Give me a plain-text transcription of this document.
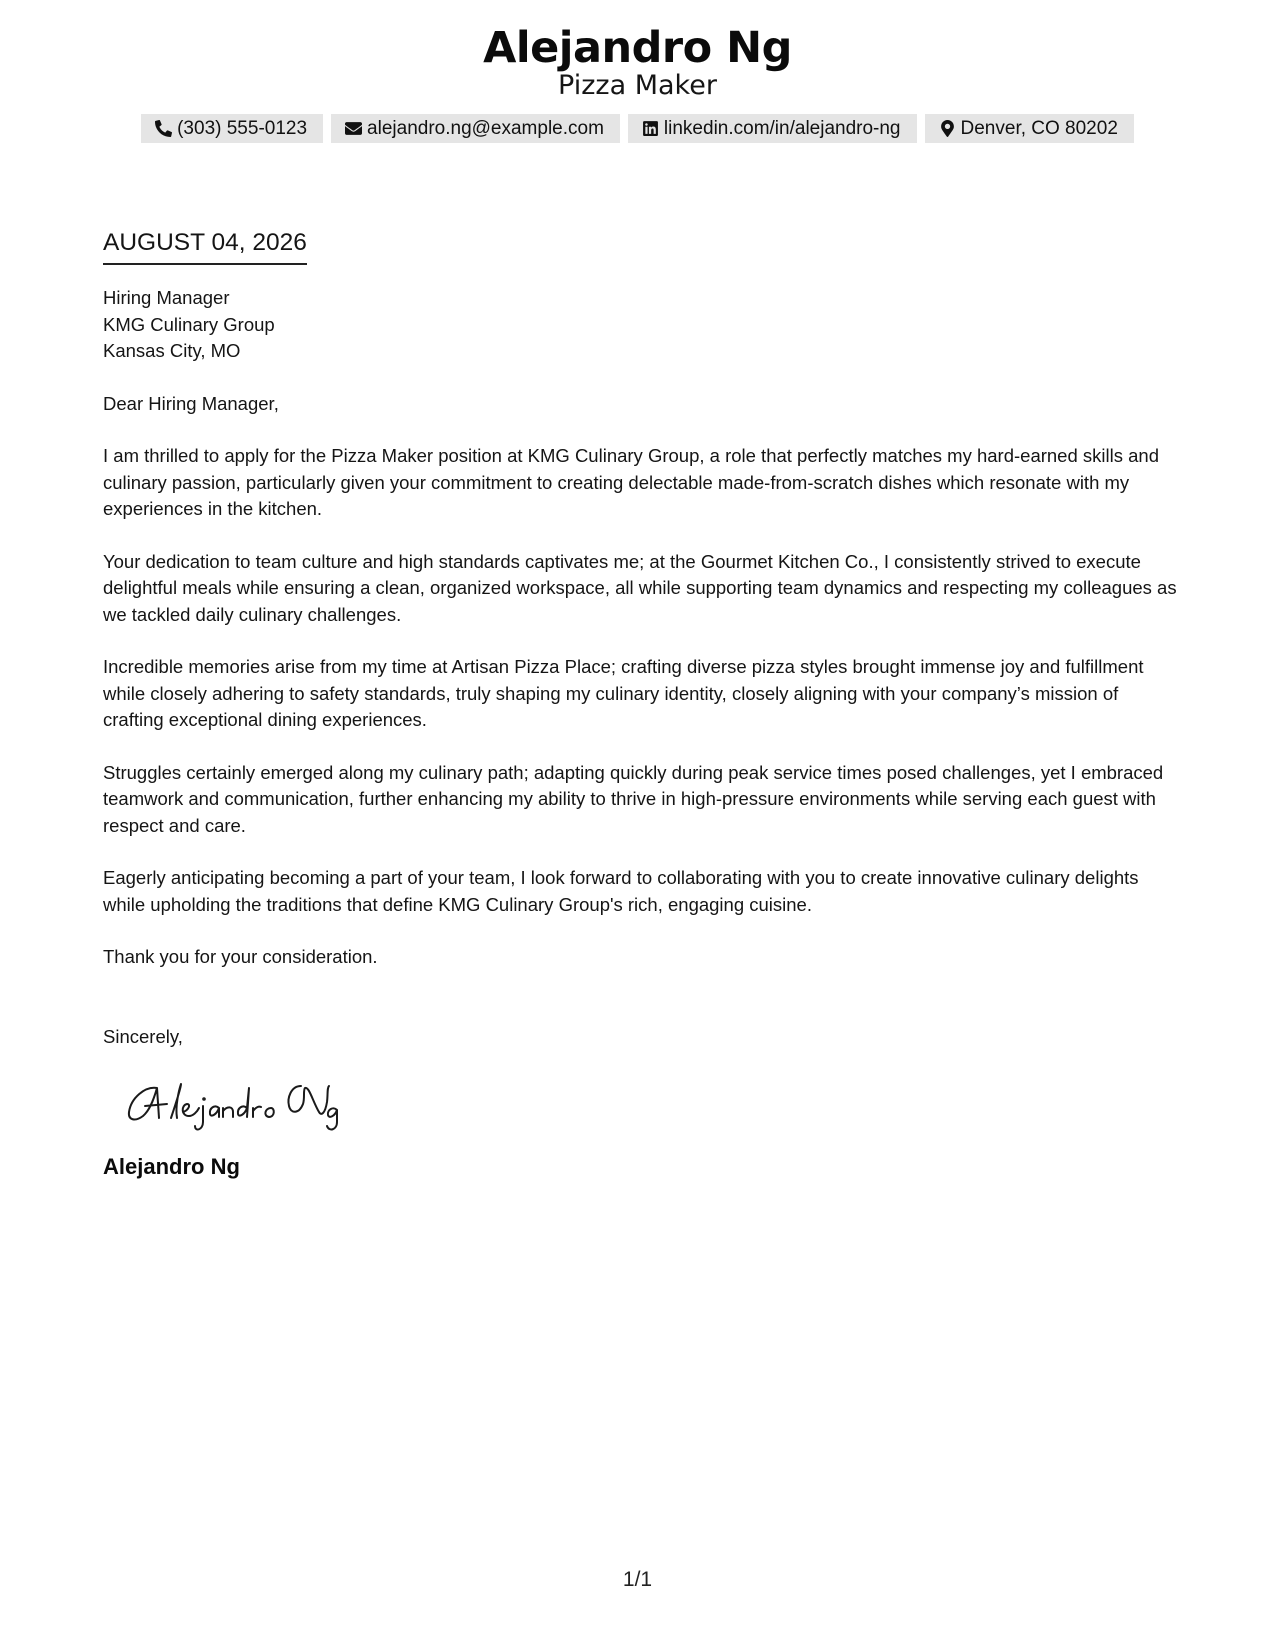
Alejandro Ng
Pizza Maker
(303) 555-0123	alejandro.ng@example.com	linkedin.com/in/alejandro-ng	Denver, CO 80202
AUGUST 04, 2026
Hiring Manager
KMG Culinary Group
Kansas City, MO

Dear Hiring Manager,

I am thrilled to apply for the Pizza Maker position at KMG Culinary Group, a role that perfectly matches my hard-earned skills and culinary passion, particularly given your commitment to creating delectable made-from-scratch dishes which resonate with my experiences in the kitchen.

Your dedication to team culture and high standards captivates me; at the Gourmet Kitchen Co., I consistently strived to execute delightful meals while ensuring a clean, organized workspace, all while supporting team dynamics and respecting my colleagues as we tackled daily culinary challenges.

Incredible memories arise from my time at Artisan Pizza Place; crafting diverse pizza styles brought immense joy and fulfillment while closely adhering to safety standards, truly shaping my culinary identity, closely aligning with your company’s mission of crafting exceptional dining experiences.

Struggles certainly emerged along my culinary path; adapting quickly during peak service times posed challenges, yet I embraced teamwork and communication, further enhancing my ability to thrive in high-pressure environments while serving each guest with respect and care.

Eagerly anticipating becoming a part of your team, I look forward to collaborating with you to create innovative culinary delights while upholding the traditions that define KMG Culinary Group's rich, engaging cuisine.

Thank you for your consideration.

Sincerely,

Alejandro Ng
1/1
